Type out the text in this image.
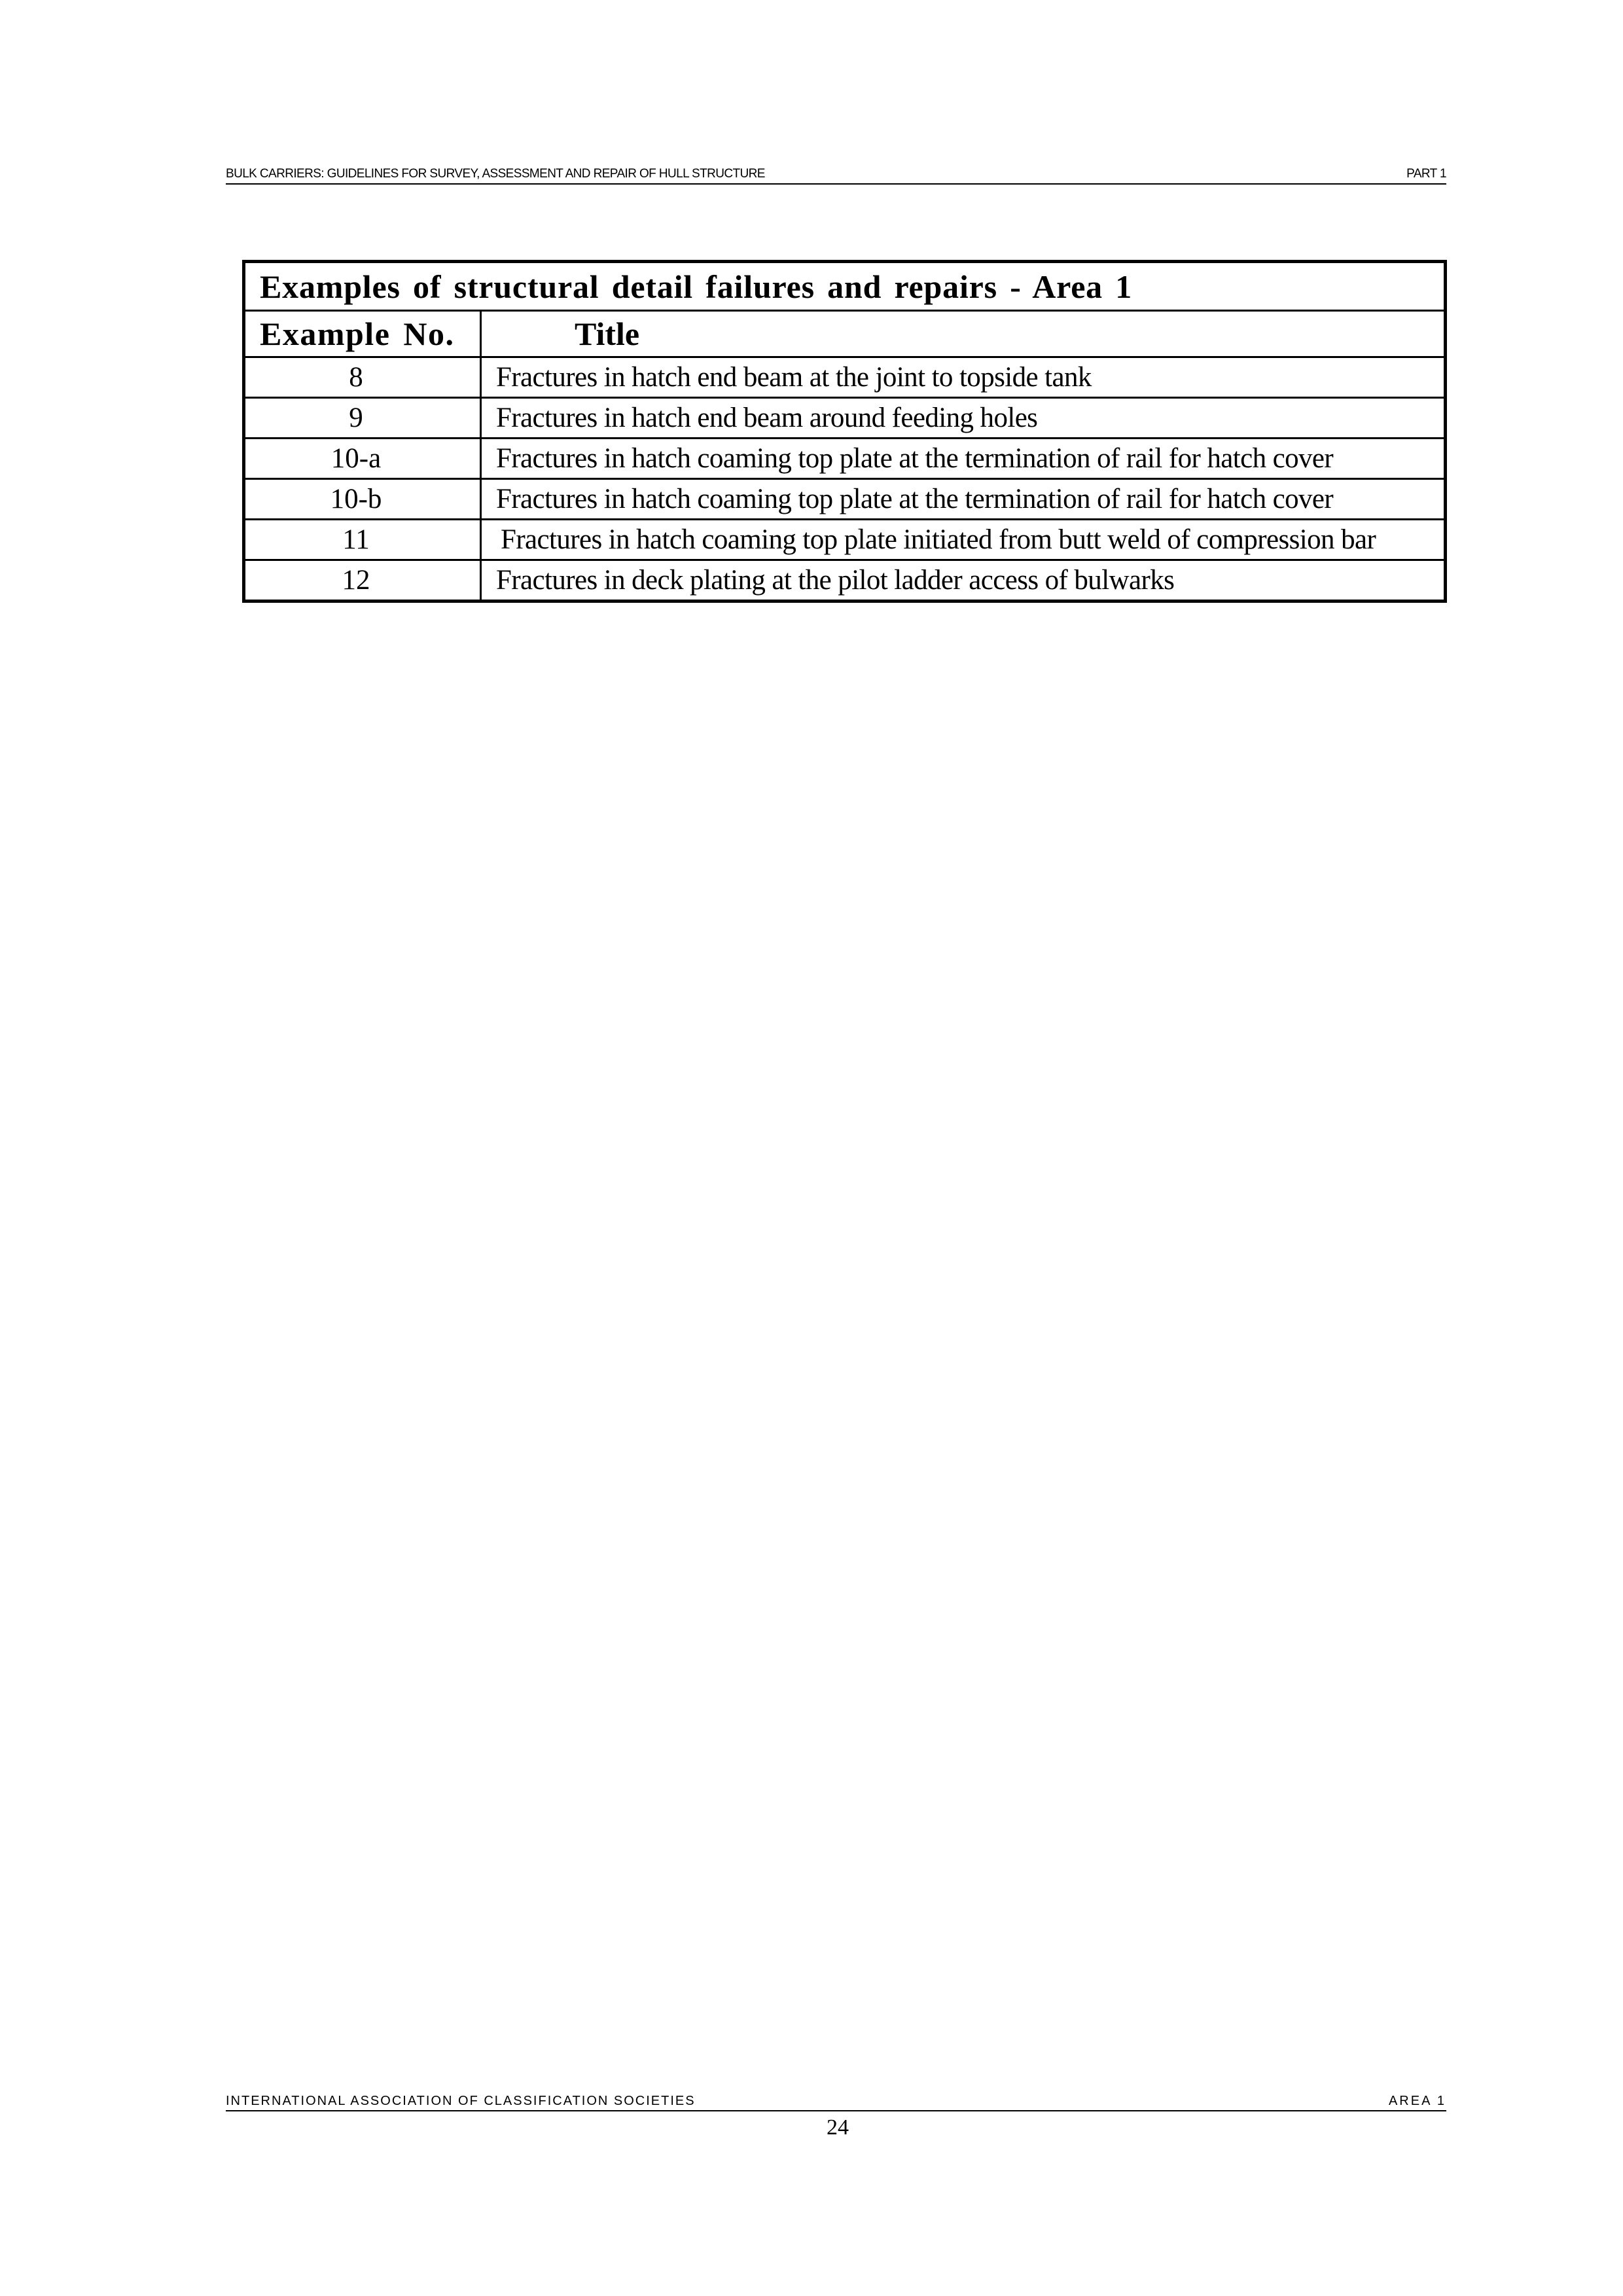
BULK CARRIERS: GUIDELINES FOR SURVEY, ASSESSMENT AND REPAIR OF HULL STRUCTURE	PART 1
Examples of structural detail failures and repairs - Area 1
Example No.	Title
8	Fractures in hatch end beam at the joint to topside tank
9	Fractures in hatch end beam around feeding holes
10-a	Fractures in hatch coaming top plate at the termination of rail for hatch cover
10-b	Fractures in hatch coaming top plate at the termination of rail for hatch cover
11	Fractures in hatch coaming top plate initiated from butt weld of compression bar
12	Fractures in deck plating at the pilot ladder access of bulwarks
INTERNATIONAL ASSOCIATION OF CLASSIFICATION SOCIETIES	AREA 1
24
